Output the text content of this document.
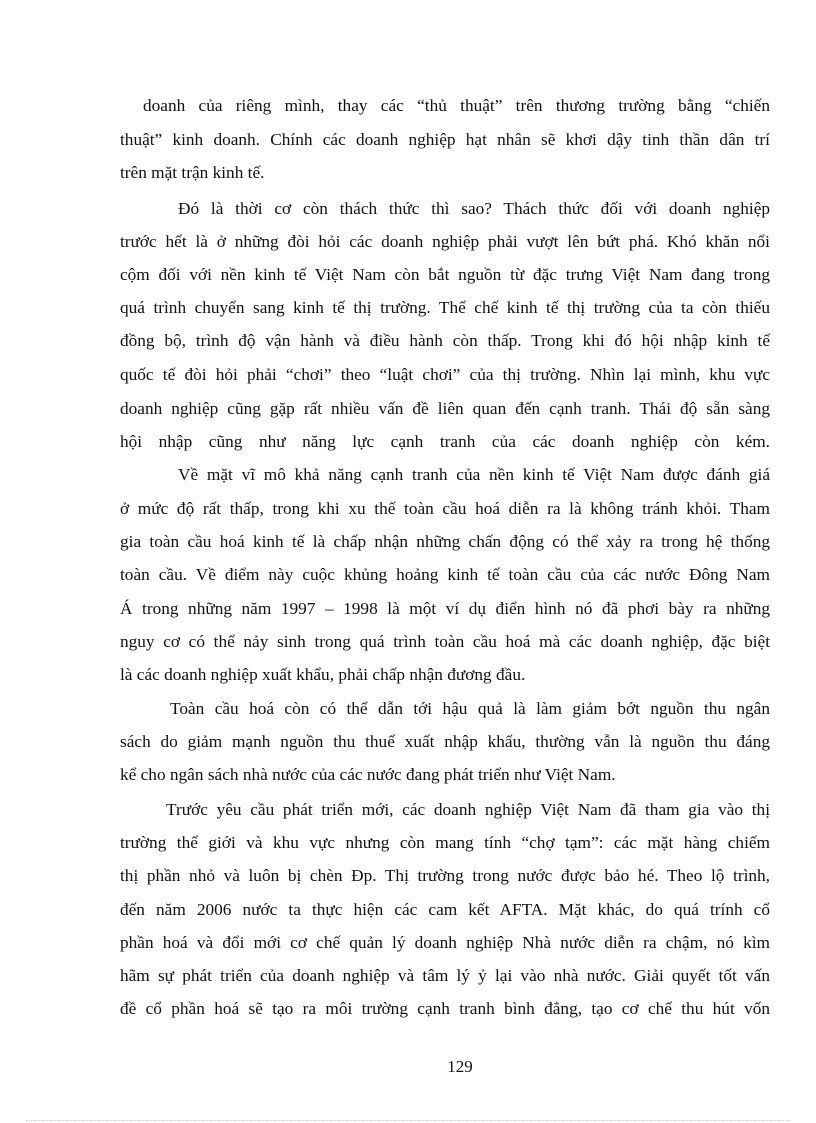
doanh của riêng mình, thay các “thủ thuật” trên thương trường bằng “chiến
thuật” kinh doanh. Chính các doanh nghiệp hạt nhân sẽ khơi dậy tinh thần dân trí
trên mặt trận kinh tế.
Đó là thời cơ còn thách thức thì sao? Thách thức đối với doanh nghiệp
trước hết là ở những đòi hỏi các doanh nghiệp phải vượt lên bứt phá. Khó khăn nổi
cộm đối với nền kinh tế Việt Nam còn bắt nguồn từ đặc trưng Việt Nam đang trong
quá trình chuyển sang kinh tế thị trường. Thể chế kinh tế thị trường của ta còn thiếu
đồng bộ, trình độ vận hành và điều hành còn thấp. Trong khi đó hội nhập kinh tế
quốc tế đòi hỏi phải “chơi” theo “luật chơi” của thị trường. Nhìn lại mình, khu vực
doanh nghiệp cũng gặp rất nhiều vấn đề liên quan đến cạnh tranh. Thái độ sẵn sàng
hội nhập cũng như năng lực cạnh tranh của các doanh nghiệp còn kém.
Về mặt vĩ mô khả năng cạnh tranh của nền kinh tế Việt Nam được đánh giá
ở mức độ rất thấp, trong khi xu thế toàn cầu hoá diễn ra là không tránh khỏi. Tham
gia toàn cầu hoá kinh tế là chấp nhận những chấn động có thể xảy ra trong hệ thống
toàn cầu. Về điểm này cuộc khủng hoảng kinh tế toàn cầu của các nước Đông Nam
Á trong những năm 1997 – 1998 là một ví dụ điển hình nó đã phơi bày ra những
nguy cơ có thể nảy sinh trong quá trình toàn cầu hoá mà các doanh nghiệp, đặc biệt
là các doanh nghiệp xuất khẩu, phải chấp nhận đương đầu.
Toàn cầu hoá còn có thể dẫn tới hậu quả là làm giảm bớt nguồn thu ngân
sách do giảm mạnh nguồn thu thuế xuất nhập khẩu, thường vẫn là nguồn thu đáng
kể cho ngân sách nhà nước của các nước đang phát triển như Việt Nam.
Trước yêu cầu phát triển mới, các doanh nghiệp Việt Nam đã tham gia vào thị
trường thế giới và khu vực nhưng còn mang tính “chợ tạm”: các mặt hàng chiếm
thị phần nhỏ và luôn bị chèn Đp. Thị trường trong nước được bảo hé. Theo lộ trình,
đến năm 2006 nước ta thực hiện các cam kết AFTA. Mặt khác, do quá trính cổ
phần hoá và đổi mới cơ chế quản lý doanh nghiệp Nhà nước diễn ra chậm, nó kìm
hãm sự phát triển của doanh nghiệp và tâm lý ỷ lại vào nhà nước. Giải quyết tốt vấn
đề cổ phần hoá sẽ tạo ra môi trường cạnh tranh bình đẳng, tạo cơ chế thu hút vốn
129
